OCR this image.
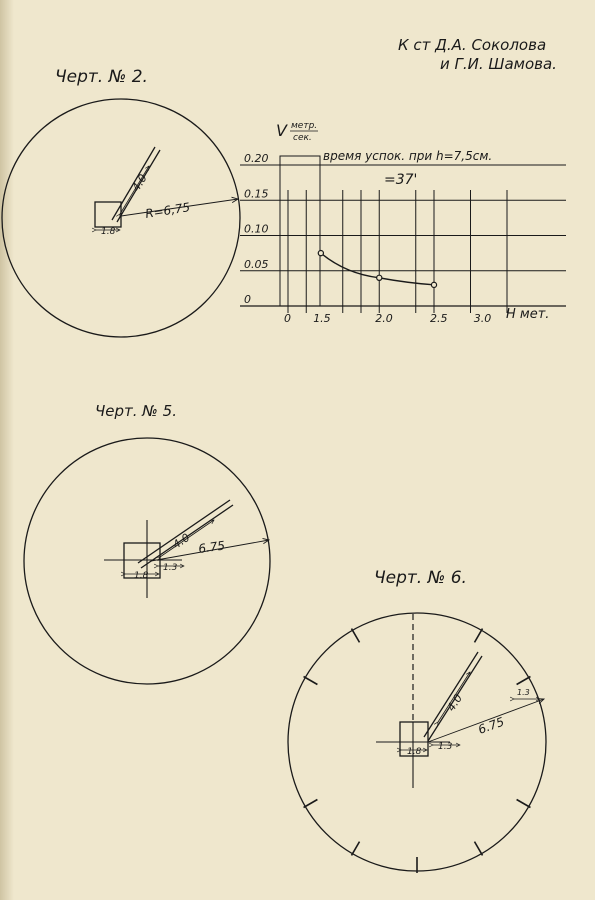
К ст Д.А. Соколова
и Г.И. Шамова.
Черт. № 2.
4.0
R=6,75
1.8
0
0.05
0.10
0.15
0.20
0 1.5	2.0	2.5 3.0
V метр.
сек.
время успок. при h=7,5см.
=37'
H мет.
Черт. № 5.
4.0 6.75
1.8
1.3	Черт. № 6.
4.0
6.75
1.8 1.3
1.3
